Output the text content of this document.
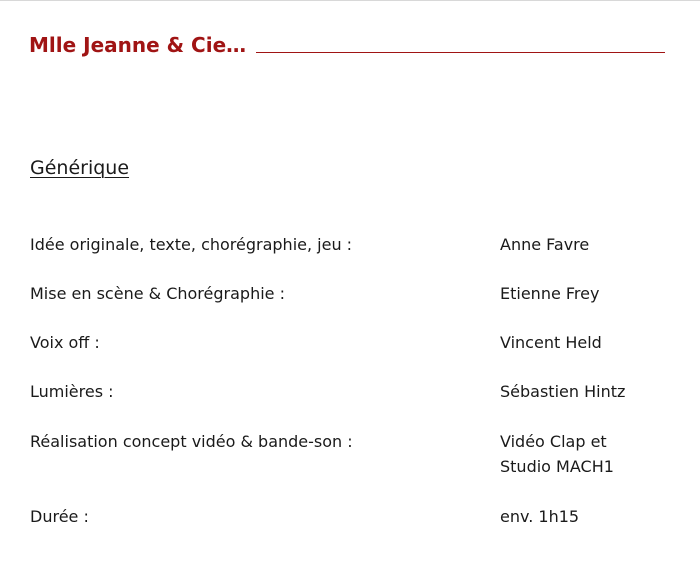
Mlle Jeanne & Cie…
Générique
Idée originale, texte, chorégraphie, jeu :	Anne Favre
Mise en scène & Chorégraphie :	Etienne Frey
Voix off :	Vincent Held
Lumières :	Sébastien Hintz
Réalisation concept vidéo & bande-son :	Vidéo Clap et
Studio MACH1
Durée :	env. 1h15
